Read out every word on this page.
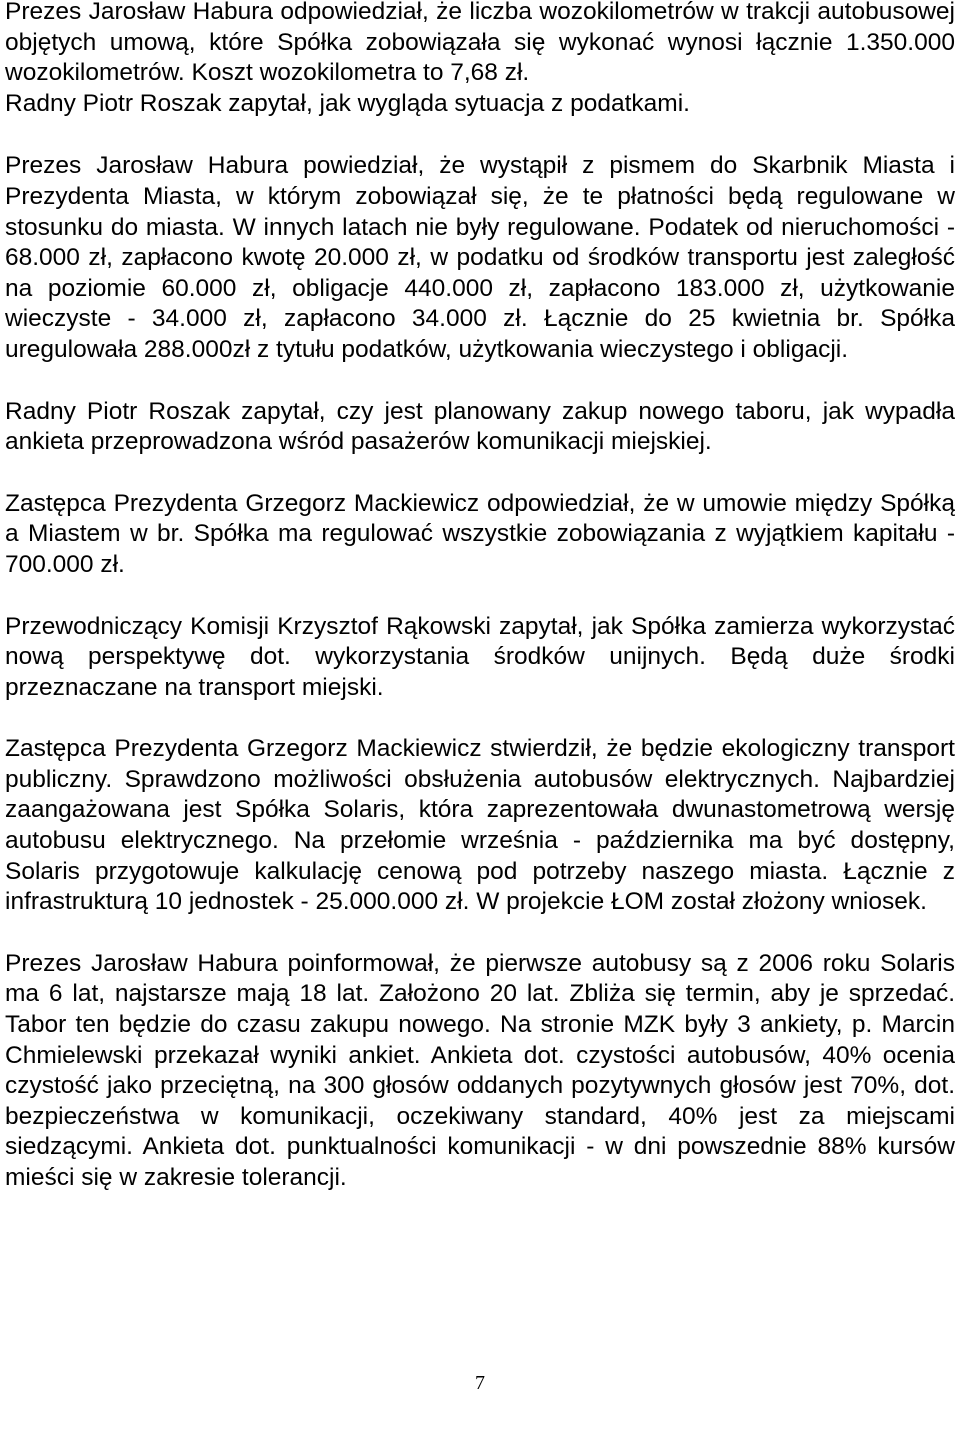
Prezes Jarosław Habura odpowiedział, że liczba wozokilometrów w trakcji autobusowej objętych umową, które Spółka zobowiązała się wykonać wynosi łącznie 1.350.000 wozokilometrów. Koszt wozokilometra to 7,68 zł.

Radny Piotr Roszak zapytał, jak wygląda sytuacja z podatkami.

Prezes Jarosław Habura powiedział, że wystąpił z pismem do Skarbnik Miasta i Prezydenta Miasta, w którym zobowiązał się, że te płatności będą regulowane w stosunku do miasta. W innych latach nie były regulowane. Podatek od nieruchomości - 68.000 zł, zapłacono kwotę 20.000 zł, w podatku od środków transportu jest zaległość na poziomie 60.000 zł, obligacje 440.000 zł, zapłacono 183.000 zł, użytkowanie wieczyste - 34.000 zł, zapłacono 34.000 zł. Łącznie do 25 kwietnia br. Spółka uregulowała 288.000zł z tytułu podatków, użytkowania wieczystego i obligacji.

Radny Piotr Roszak zapytał, czy jest planowany zakup nowego taboru, jak wypadła ankieta przeprowadzona wśród pasażerów komunikacji miejskiej.

Zastępca Prezydenta Grzegorz Mackiewicz odpowiedział, że w umowie między Spółką a Miastem w br. Spółka ma regulować wszystkie zobowiązania z wyjątkiem kapitału - 700.000 zł.

Przewodniczący Komisji Krzysztof Rąkowski zapytał, jak Spółka zamierza wykorzystać nową perspektywę dot. wykorzystania środków unijnych. Będą duże środki przeznaczane na transport miejski.

Zastępca Prezydenta Grzegorz Mackiewicz stwierdził, że będzie ekologiczny transport publiczny. Sprawdzono możliwości obsłużenia autobusów elektrycznych. Najbardziej zaangażowana jest Spółka Solaris, która zaprezentowała dwunastometrową wersję autobusu elektrycznego. Na przełomie września - października ma być dostępny, Solaris przygotowuje kalkulację cenową pod potrzeby naszego miasta. Łącznie z infrastrukturą 10 jednostek - 25.000.000 zł. W projekcie ŁOM został złożony wniosek.

Prezes Jarosław Habura poinformował, że pierwsze autobusy są z 2006 roku Solaris ma 6 lat, najstarsze mają 18 lat. Założono 20 lat. Zbliża się termin, aby je sprzedać. Tabor ten będzie do czasu zakupu nowego. Na stronie MZK były 3 ankiety, p. Marcin Chmielewski przekazał wyniki ankiet. Ankieta dot. czystości autobusów, 40% ocenia czystość jako przeciętną, na 300 głosów oddanych pozytywnych głosów jest 70%, dot. bezpieczeństwa w komunikacji, oczekiwany standard, 40% jest za miejscami siedzącymi. Ankieta dot. punktualności komunikacji - w dni powszednie 88% kursów mieści się w zakresie tolerancji.

7
